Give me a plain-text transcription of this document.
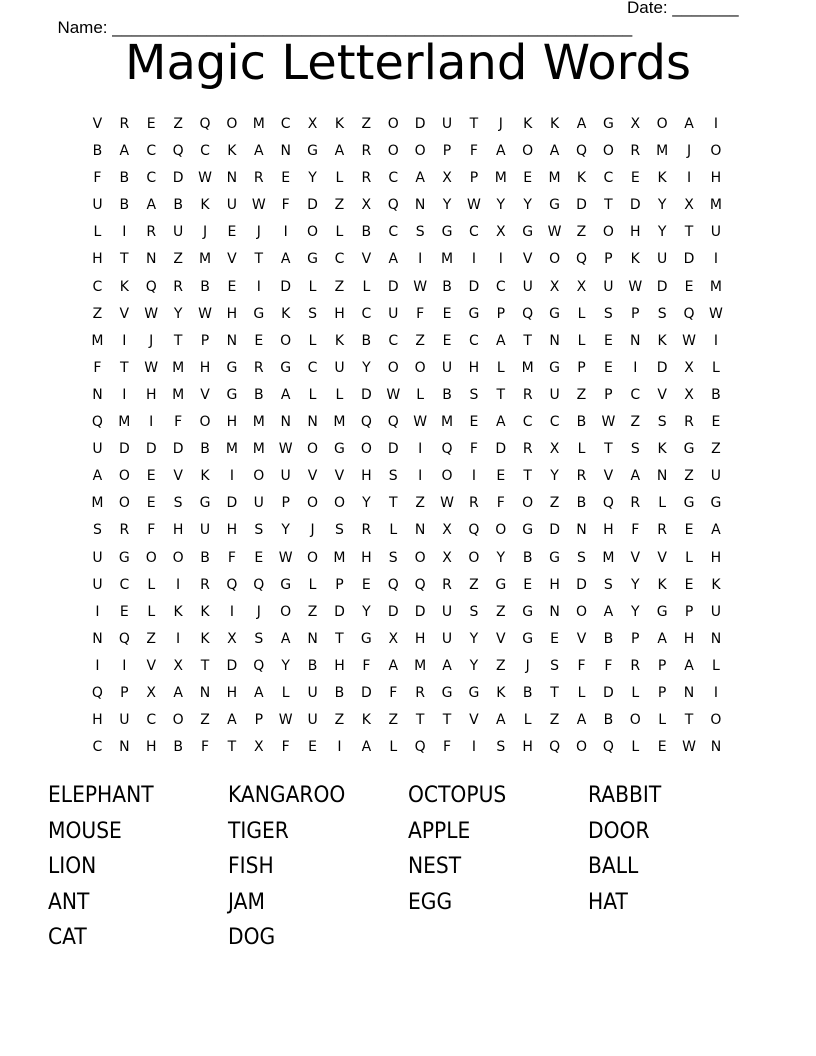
Name: _______________________________________________________

Date: _______

Magic Letterland Words
V	R	E	Z	Q	O	M	C	X	K	Z	O	D	U	T	J	K	K	A	G	X	O	A	I
B	A	C	Q	C	K	A	N	G	A	R	O	O	P	F	A	O	A	Q	O	R	M	J	O
F	B	C	D	W	N	R	E	Y	L	R	C	A	X	P	M	E	M	K	C	E	K	I	H
U	B	A	B	K	U	W	F	D	Z	X	Q	N	Y	W	Y	Y	G	D	T	D	Y	X	M
L	I	R	U	J	E	J	I	O	L	B	C	S	G	C	X	G	W	Z	O	H	Y	T	U
H	T	N	Z	M	V	T	A	G	C	V	A	I	M	I	I	V	O	Q	P	K	U	D	I
C	K	Q	R	B	E	I	D	L	Z	L	D	W	B	D	C	U	X	X	U	W	D	E	M
Z	V	W	Y	W	H	G	K	S	H	C	U	F	E	G	P	Q	G	L	S	P	S	Q	W
M	I	J	T	P	N	E	O	L	K	B	C	Z	E	C	A	T	N	L	E	N	K	W	I
F	T	W M	H	G	R	G	C	U	Y	O	O	U	H	L	M	G	P	E	I	D	X	L
N	I	H	M	V	G	B	A	L	L	D	W	L	B	S	T	R	U	Z	P	C	V	X	B
Q	M	I	F	O	H	M	N	N	M	Q	Q	W M	E	A	C	C	B	W	Z	S	R	E
U	D	D	D	B	M	M W	O	G	O	D	I	Q	F	D	R	X	L	T	S	K	G	Z
A	O	E	V	K	I	O	U	V	V	H	S	I	O	I	E	T	Y	R	V	A	N	Z	U
M	O	E	S	G	D	U	P	O	O	Y	T	Z	W	R	F	O	Z	B	Q	R	L	G	G
S	R	F	H	U	H	S	Y	J	S	R	L	N	X	Q	O	G	D	N	H	F	R	E	A
U	G	O	O	B	F	E	W	O	M	H	S	O	X	O	Y	B	G	S	M	V	V	L	H
U	C	L	I	R	Q	Q	G	L	P	E	Q	Q	R	Z	G	E	H	D	S	Y	K	E	K
I	E	L	K	K	I	J	O	Z	D	Y	D	D	U	S	Z	G	N	O	A	Y	G	P	U
N	Q	Z	I	K	X	S	A	N	T	G	X	H	U	Y	V	G	E	V	B	P	A	H	N
I	I	V	X	T	D	Q	Y	B	H	F	A	M	A	Y	Z	J	S	F	F	R	P	A	L
Q	P	X	A	N	H	A	L	U	B	D	F	R	G	G	K	B	T	L	D	L	P	N	I
H	U	C	O	Z	A	P	W	U	Z	K	Z	T	T	V	A	L	Z	A	B	O	L	T	O
C	N	H	B	F	T	X	F	E	I	A	L	Q	F	I	S	H	Q	O	Q	L	E	W	N
ELEPHANT	KANGAROO	OCTOPUS	RABBIT
MOUSE	TIGER	APPLE	DOOR
LION	FISH	NEST	BALL
ANT	JAM	EGG	HAT
CAT	DOG
